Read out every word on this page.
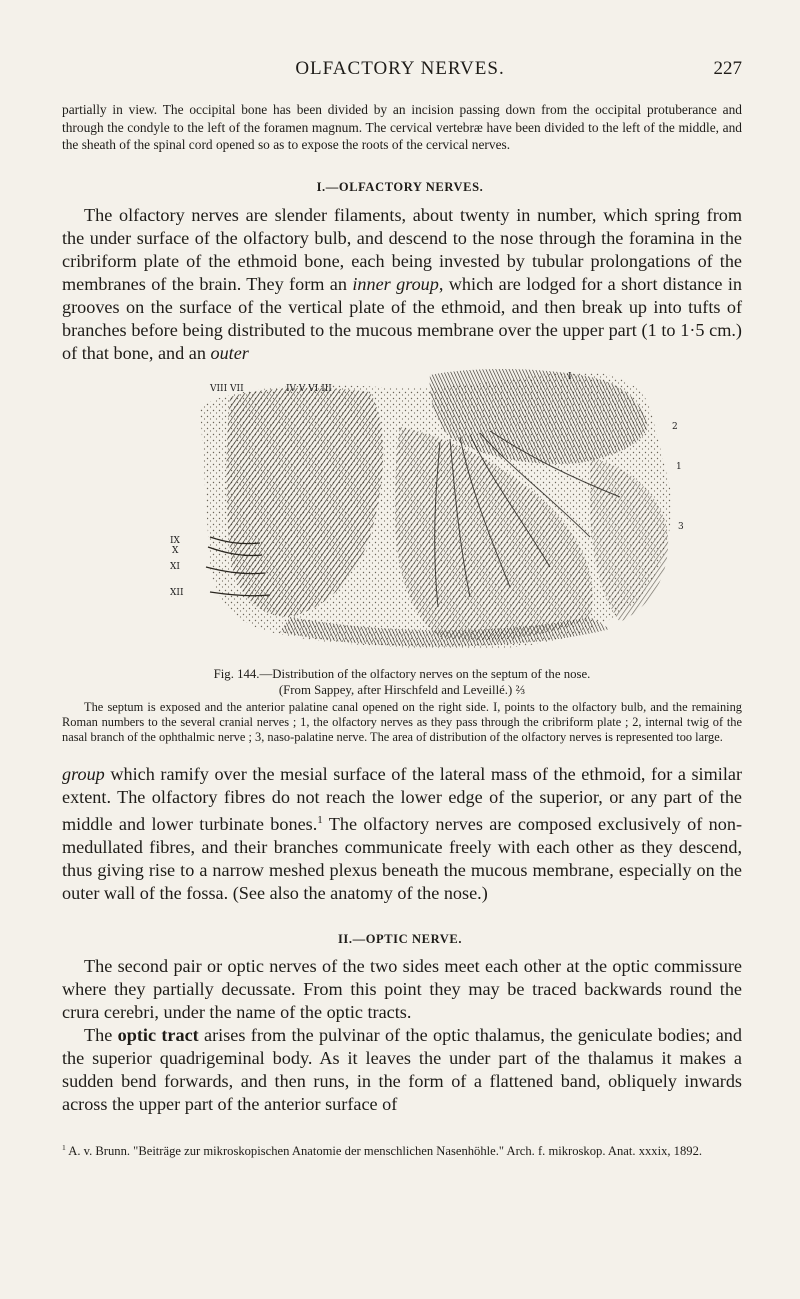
OLFACTORY NERVES.	227
partially in view. The occipital bone has been divided by an incision passing down from the occipital protuberance and through the condyle to the left of the foramen magnum. The cervical vertebræ have been divided to the left of the middle, and the sheath of the spinal cord opened so as to expose the roots of the cervical nerves.
I.—OLFACTORY NERVES.
The olfactory nerves are slender filaments, about twenty in number, which spring from the under surface of the olfactory bulb, and descend to the nose through the foramina in the cribriform plate of the ethmoid bone, each being invested by tubular prolongations of the membranes of the brain. They form an inner group, which are lodged for a short distance in grooves on the surface of the vertical plate of the ethmoid, and then break up into tufts of branches before being distributed to the mucous membrane over the upper part (1 to 1·5 cm.) of that bone, and an outer
I
2
VIII VII	IV V VI III
IX
X
XI
XII
3
1
Fig. 144.—Distribution of the olfactory nerves on the septum of the nose.
(From Sappey, after Hirschfeld and Leveillé.) ⅔
The septum is exposed and the anterior palatine canal opened on the right side. I, points to the olfactory bulb, and the remaining Roman numbers to the several cranial nerves ; 1, the olfactory nerves as they pass through the cribriform plate ; 2, internal twig of the nasal branch of the ophthalmic nerve ; 3, naso-palatine nerve. The area of distribution of the olfactory nerves is represented too large.
group which ramify over the mesial surface of the lateral mass of the ethmoid, for a similar extent. The olfactory fibres do not reach the lower edge of the superior, or any part of the middle and lower turbinate bones.$^1$ The olfactory nerves are composed exclusively of non-medullated fibres, and their branches communicate freely with each other as they descend, thus giving rise to a narrow meshed plexus beneath the mucous membrane, especially on the outer wall of the fossa. (See also the anatomy of the nose.)
II.—OPTIC NERVE.
The second pair or optic nerves of the two sides meet each other at the optic commissure where they partially decussate. From this point they may be traced backwards round the crura cerebri, under the name of the optic tracts.
The optic tract arises from the pulvinar of the optic thalamus, the geniculate bodies; and the superior quadrigeminal body. As it leaves the under part of the thalamus it makes a sudden bend forwards, and then runs, in the form of a flattened band, obliquely inwards across the upper part of the anterior surface of
$^1$ A. v. Brunn. "Beiträge zur mikroskopischen Anatomie der menschlichen Nasenhöhle." Arch. f. mikroskop. Anat. xxxix, 1892.
